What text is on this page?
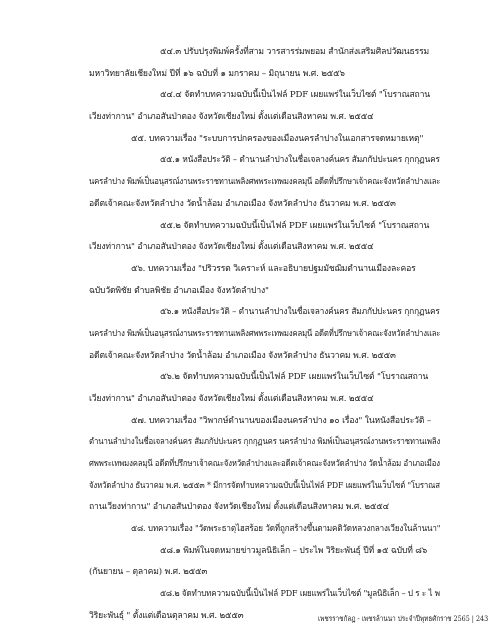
๕๔.๓ ปรับปรุงพิมพ์ครั้งที่สาม วารสารร่มพยอม สำนักส่งเสริมศิลปวัฒนธรรม
มหาวิทยาลัยเชียงใหม่ ปีที่ ๑๖ ฉบับที่ ๑ มกราคม – มิถุนายน พ.ศ. ๒๕๕๖
๕๔.๔ จัดทำบทความฉบับนี้เป็นไฟล์ PDF เผยแพร่ในเว็บไซต์ "โบราณสถาน
เวียงท่ากาน" อำเภอสันป่าตอง จังหวัดเชียงใหม่ ตั้งแต่เดือนสิงหาคม พ.ศ. ๒๕๕๔
๕๕. บทความเรื่อง "ระบบการปกครองของเมืองนครลำปางในเอกสารจดหมายเหตุ"
๕๕.๑ หนังสือประวัติ – ตำนานลำปางในชื่อเจลางค์นคร สัมภกัปปะนคร กุกกุฏนคร
นครลำปาง พิมพ์เป็นอนุสรณ์งานพระราชทานเพลิงศพพระเทพมงคลมุนี อดีตที่ปรึกษาเจ้าคณะจังหวัดลำปางและ
อดีตเจ้าคณะจังหวัดลำปาง วัดน้ำล้อม อำเภอเมือง จังหวัดลำปาง ธันวาคม พ.ศ. ๒๕๕๓
๕๕.๒ จัดทำบทความฉบับนี้เป็นไฟล์ PDF เผยแพร่ในเว็บไซต์ "โบราณสถาน
เวียงท่ากาน" อำเภอสันป่าตอง จังหวัดเชียงใหม่ ตั้งแต่เดือนสิงหาคม พ.ศ. ๒๕๕๔
๕๖. บทความเรื่อง "ปริวรรต วิเคราะห์ และอธิบายปฐมมัชฌิมตำนานเมืองละคอร
ฉบับวัดพิชัย ตำบลพิชัย อำเภอเมือง จังหวัดลำปาง"
๕๖.๑ หนังสือประวัติ – ตำนานลำปางในชื่อเจลางค์นคร สัมภกัปปะนคร กุกกุฏนคร
นครลำปาง พิมพ์เป็นอนุสรณ์งานพระราชทานเพลิงศพพระเทพมงคลมุนี อดีตที่ปรึกษาเจ้าคณะจังหวัดลำปางและ
อดีตเจ้าคณะจังหวัดลำปาง วัดน้ำล้อม อำเภอเมือง จังหวัดลำปาง ธันวาคม พ.ศ. ๒๕๕๓
๕๖.๒ จัดทำบทความฉบับนี้เป็นไฟล์ PDF เผยแพร่ในเว็บไซต์ "โบราณสถาน
เวียงท่ากาน" อำเภอสันป่าตอง จังหวัดเชียงใหม่ ตั้งแต่เดือนสิงหาคม พ.ศ. ๒๕๕๔
๕๗. บทความเรื่อง "วิพากษ์ตำนานของเมืองนครลำปาง ๑๐ เรื่อง" ในหนังสือประวัติ –
ตำนานลำปางในชื่อเจลางค์นคร สัมภกัปปะนคร กุกกุฏนคร นครลำปาง พิมพ์เป็นอนุสรณ์งานพระราชทานเพลิง
ศพพระเทพมงคลมุนี อดีตที่ปรึกษาเจ้าคณะจังหวัดลำปางและอดีตเจ้าคณะจังหวัดลำปาง วัดน้ำล้อม อำเภอเมือง
จังหวัดลำปาง ธันวาคม พ.ศ. ๒๕๕๓ * มีการจัดทำบทความฉบับนี้เป็นไฟล์ PDF เผยแพร่ในเว็บไซต์ "โบราณส
ถานเวียงท่ากาน" อำเภอสันป่าตอง จังหวัดเชียงใหม่ ตั้งแต่เดือนสิงหาคม พ.ศ. ๒๕๕๔
๕๘. บทความเรื่อง "วัดพระธาตุไฮสร้อย วัดที่ถูกสร้างขึ้นตามคติวัดหลวงกลางเวียงในล้านนา"
๕๘.๑ พิมพ์ในจดหมายข่าวมูลนิธิเล็ก – ประไพ วิริยะพันธุ์ ปีที่ ๑๕ ฉบับที่ ๘๖
(กันยายน – ตุลาคม) พ.ศ. ๒๕๕๓
๕๘.๒ จัดทำบทความฉบับนี้เป็นไฟล์ PDF เผยแพร่ในเว็บไซต์ "มูลนิธิเล็ก – ป ร ะ ไ พ
วิริยะพันธุ์ " ตั้งแต่เดือนตุลาคม พ.ศ. ๒๕๕๓	เพชรราชกัลฏ - เพชรล้านนา ประจำปีพุทธศักราช 2565 | 243
